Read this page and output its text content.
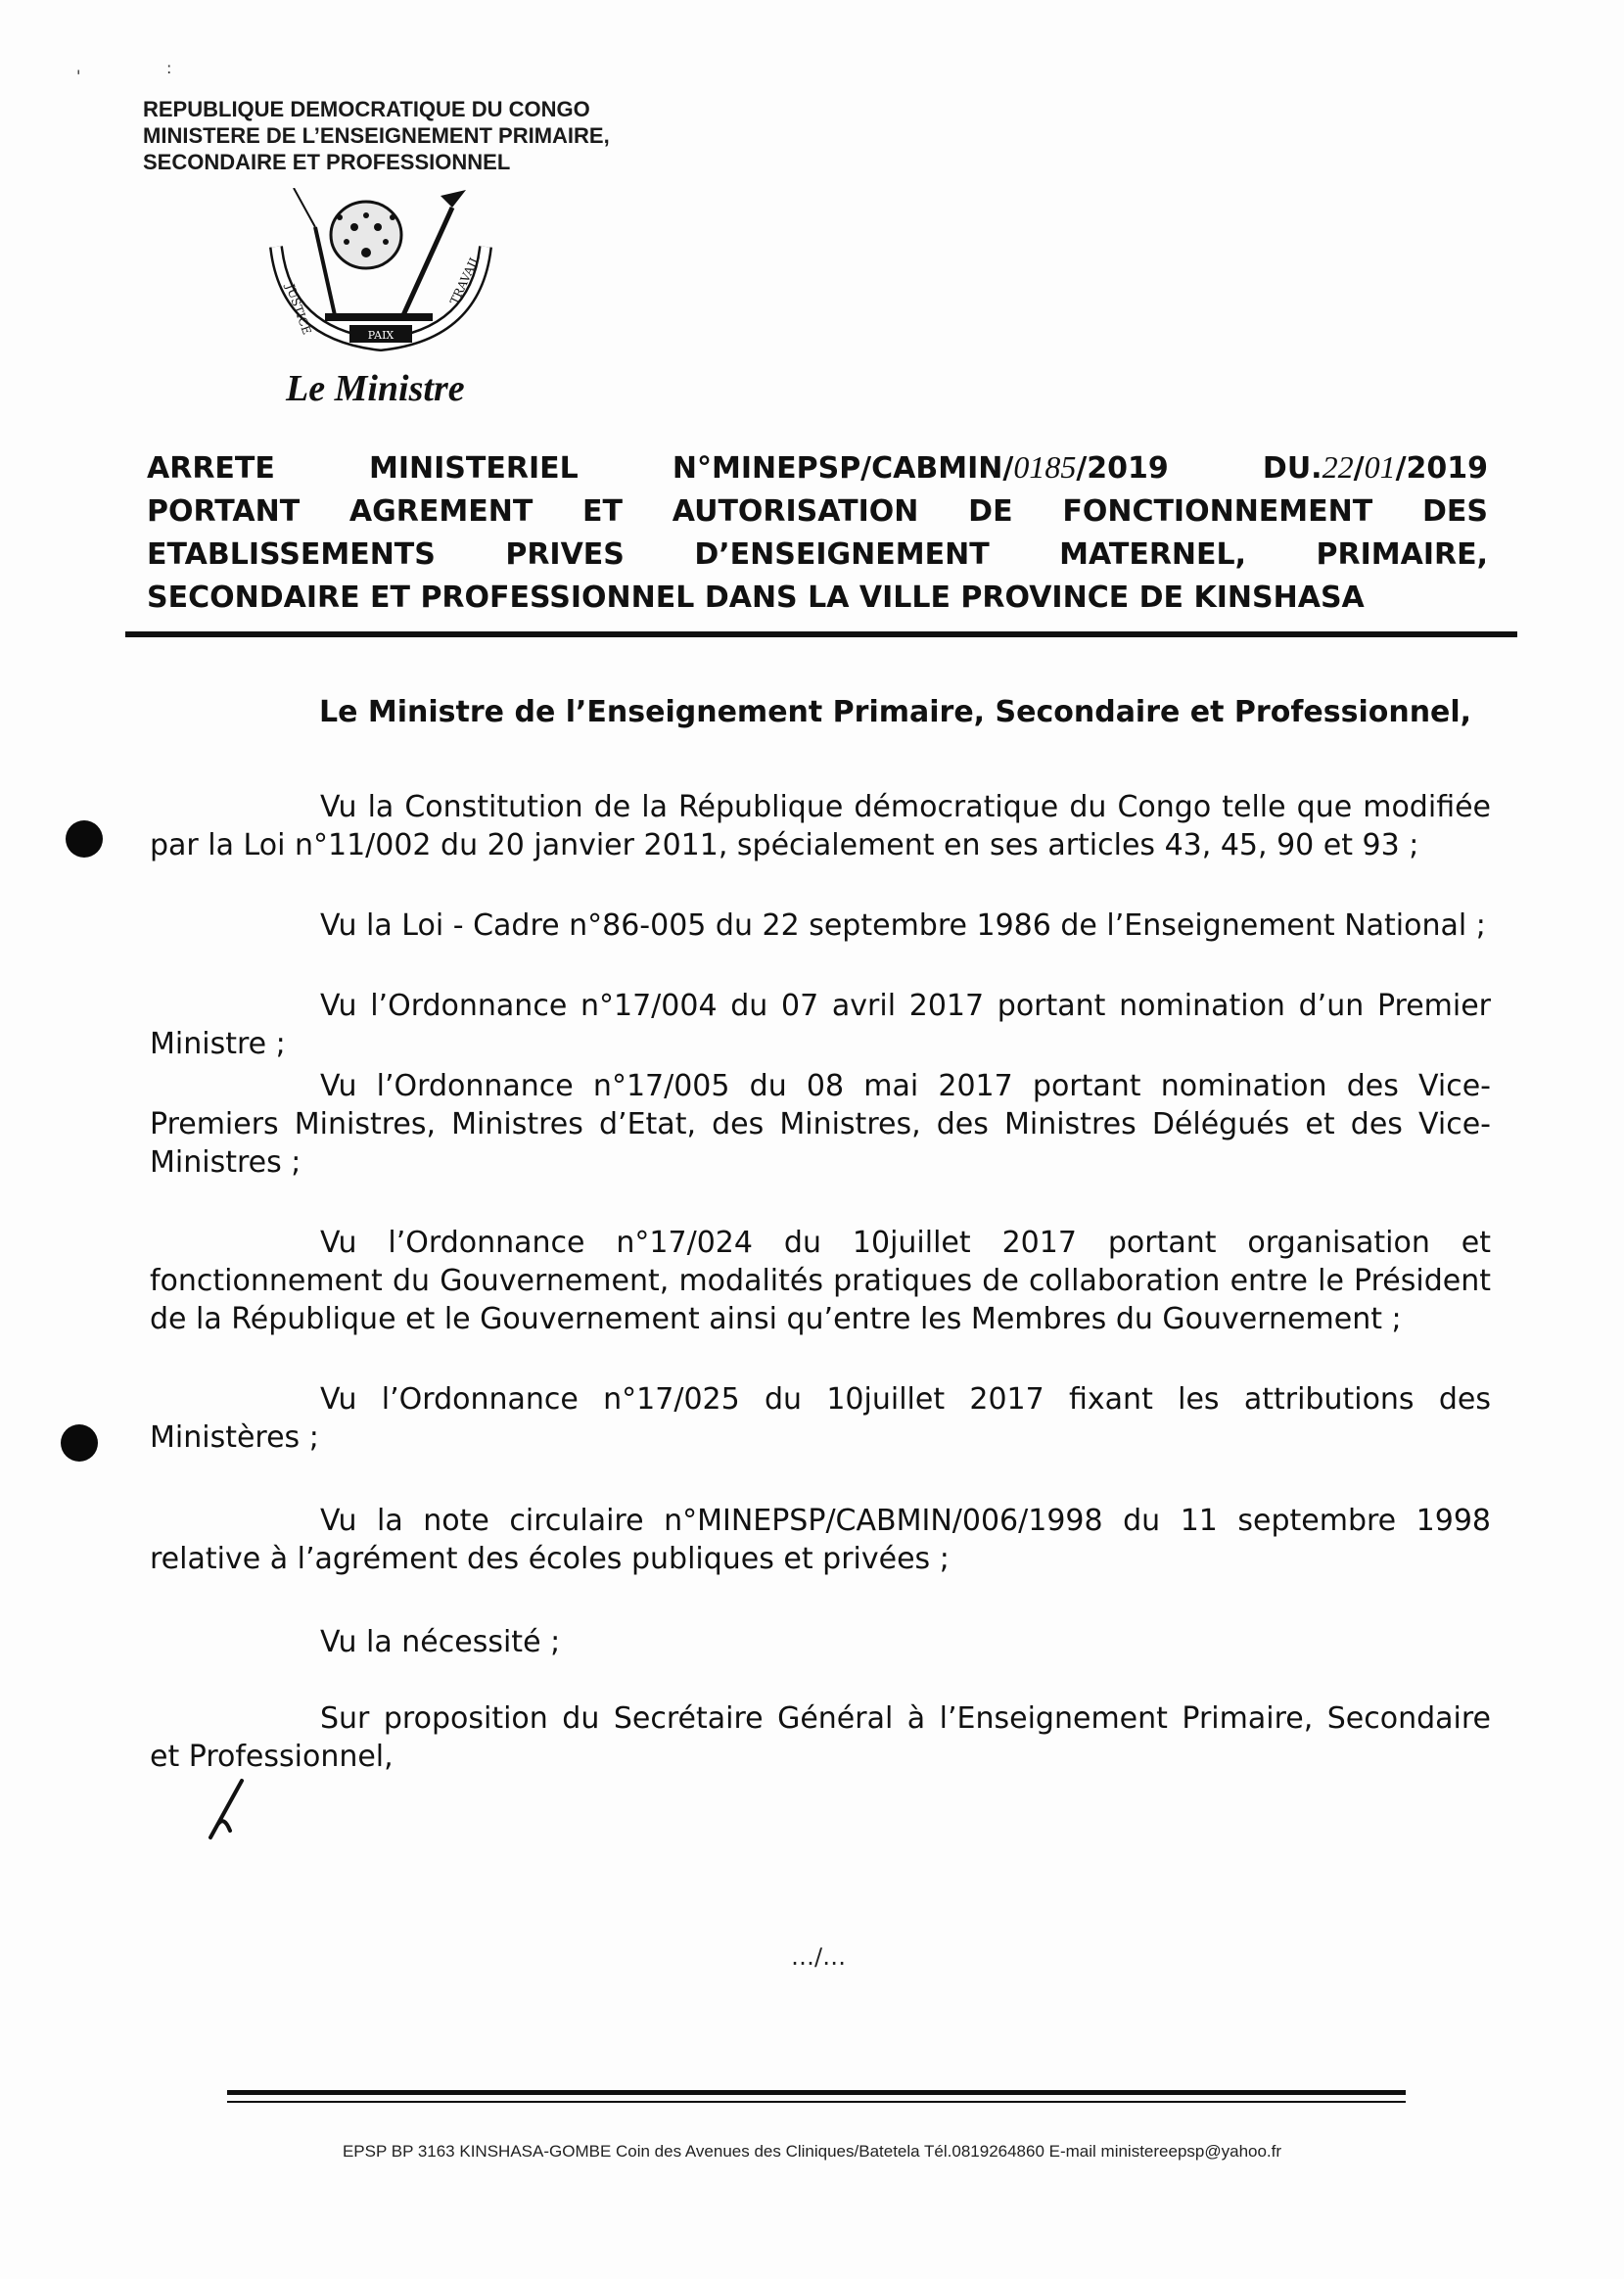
'	:
REPUBLIQUE DEMOCRATIQUE DU CONGO
MINISTERE DE L’ENSEIGNEMENT PRIMAIRE,
SECONDAIRE ET PROFESSIONNEL
JUSTICE
TRAVAIL
PAIX
Le Ministre
ARRETE MINISTERIEL N°MINEPSP/CABMIN/0185/2019 DU.22/01/2019
PORTANT AGREMENT ET AUTORISATION DE FONCTIONNEMENT DES
ETABLISSEMENTS PRIVES D’ENSEIGNEMENT MATERNEL, PRIMAIRE,
SECONDAIRE ET PROFESSIONNEL DANS LA VILLE PROVINCE DE KINSHASA
Le Ministre de l’Enseignement Primaire, Secondaire et Professionnel,
Vu la Constitution de la République démocratique du Congo telle que modifiée par la Loi n°11/002 du 20 janvier 2011, spécialement en ses articles 43, 45, 90 et 93 ;
Vu la Loi - Cadre n°86-005 du 22 septembre 1986 de l’Enseignement National ;
Vu l’Ordonnance n°17/004 du 07 avril 2017 portant nomination d’un Premier Ministre ;
Vu l’Ordonnance n°17/005 du 08 mai 2017 portant nomination des Vice-Premiers Ministres, Ministres d’Etat, des Ministres, des Ministres Délégués et des Vice-Ministres ;
Vu l’Ordonnance n°17/024 du 10juillet 2017 portant organisation et fonctionnement du Gouvernement, modalités pratiques de collaboration entre le Président de la République et le Gouvernement ainsi qu’entre les Membres du Gouvernement ;
Vu l’Ordonnance n°17/025 du 10juillet 2017 fixant les attributions des Ministères ;
Vu la note circulaire n°MINEPSP/CABMIN/006/1998 du 11 septembre 1998 relative à l’agrément des écoles publiques et privées ;
Vu la nécessité ;
Sur proposition du Secrétaire Général à l’Enseignement Primaire, Secondaire et Professionnel,
…/…
EPSP BP 3163 KINSHASA-GOMBE Coin des Avenues des Cliniques/Batetela Tél.0819264860 E-mail ministereepsp@yahoo.fr
